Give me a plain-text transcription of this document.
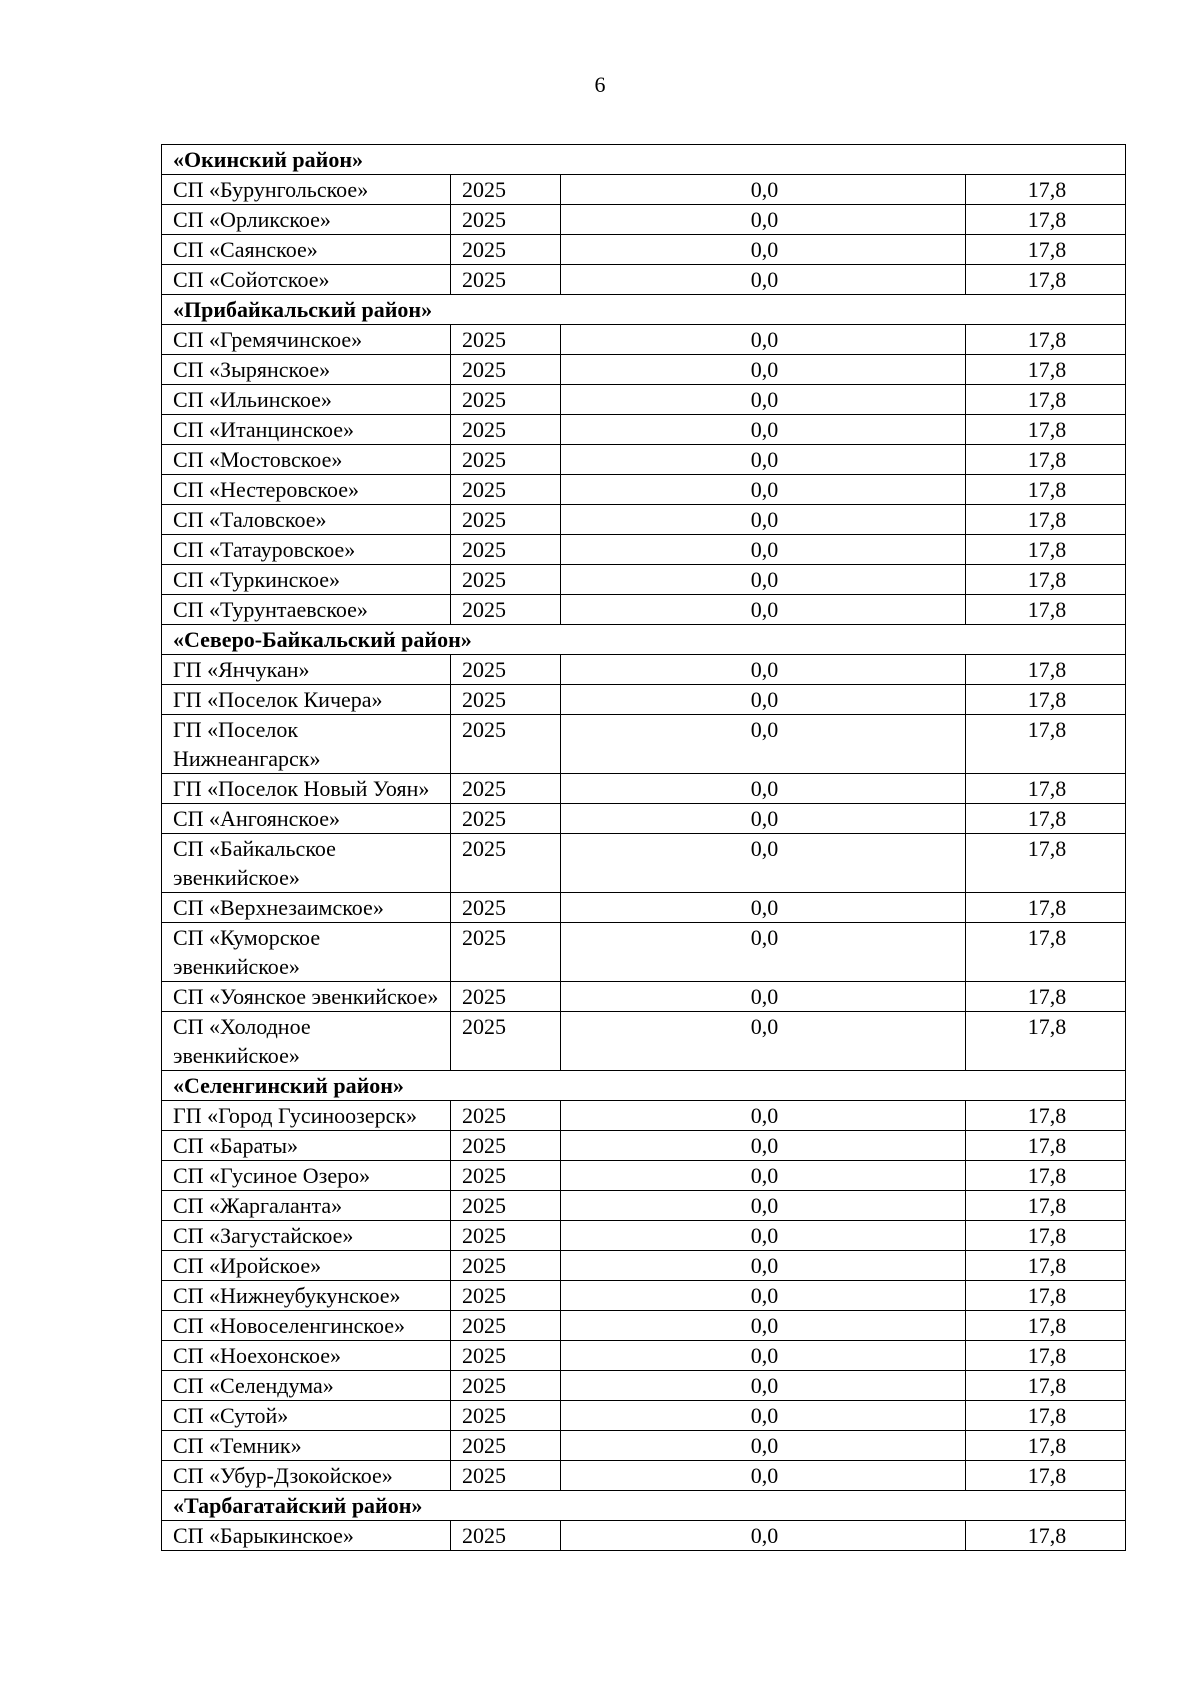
6
«Окинский район»			
СП «Бурунгольское»	2025	0,0	17,8
СП «Орликское»	2025	0,0	17,8
СП «Саянское»	2025	0,0	17,8
СП «Сойотское»	2025	0,0	17,8
«Прибайкальский район»			
СП «Гремячинское»	2025	0,0	17,8
СП «Зырянское»	2025	0,0	17,8
СП «Ильинское»	2025	0,0	17,8
СП «Итанцинское»	2025	0,0	17,8
СП «Мостовское»	2025	0,0	17,8
СП «Нестеровское»	2025	0,0	17,8
СП «Таловское»	2025	0,0	17,8
СП «Татауровское»	2025	0,0	17,8
СП «Туркинское»	2025	0,0	17,8
СП «Турунтаевское»	2025	0,0	17,8
«Северо-Байкальский район»			
ГП «Янчукан»	2025	0,0	17,8
ГП «Поселок Кичера»	2025	0,0	17,8
ГП «Поселок Нижнеангарск»	2025	0,0	17,8
ГП «Поселок Новый Уоян»	2025	0,0	17,8
СП «Ангоянское»	2025	0,0	17,8
СП «Байкальское эвенкийское»	2025	0,0	17,8
СП «Верхнезаимское»	2025	0,0	17,8
СП «Куморское эвенкийское»	2025	0,0	17,8
СП «Уоянское эвенкийское»	2025	0,0	17,8
СП «Холодное эвенкийское»	2025	0,0	17,8
«Селенгинский район»			
ГП «Город Гусиноозерск»	2025	0,0	17,8
СП «Бараты»	2025	0,0	17,8
СП «Гусиное Озеро»	2025	0,0	17,8
СП «Жаргаланта»	2025	0,0	17,8
СП «Загустайское»	2025	0,0	17,8
СП «Иройское»	2025	0,0	17,8
СП «Нижнеубукунское»	2025	0,0	17,8
СП «Новоселенгинское»	2025	0,0	17,8
СП «Ноехонское»	2025	0,0	17,8
СП «Селендума»	2025	0,0	17,8
СП «Сутой»	2025	0,0	17,8
СП «Темник»	2025	0,0	17,8
СП «Убур-Дзокойское»	2025	0,0	17,8
«Тарбагатайский район»			
СП «Барыкинское»	2025	0,0	17,8
